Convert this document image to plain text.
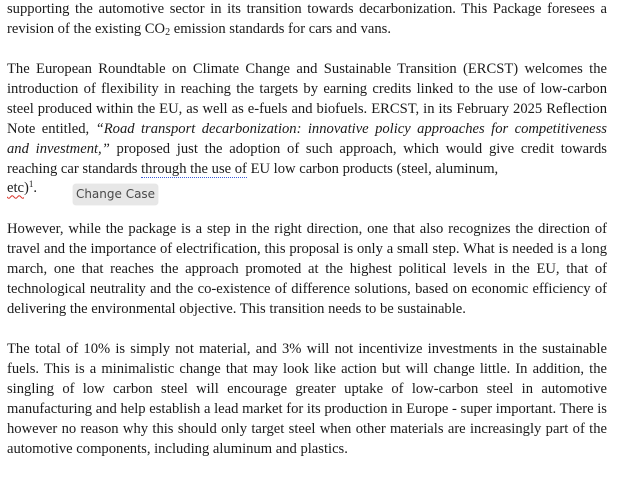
supporting the automotive sector in its transition towards decarbonization. This Package foresees a revision of the existing $CO_2$ emission standards for cars and vans.

The European Roundtable on Climate Change and Sustainable Transition (ERCST) welcomes the introduction of flexibility in reaching the targets by earning credits linked to the use of low-carbon steel produced within the EU, as well as e-fuels and biofuels. ERCST, in its February 2025 Reflection Note entitled, “Road transport decarbonization: innovative policy approaches for competitiveness and investment,” proposed just the adoption of such approach, which would give credit towards reaching car standards through the use of EU low carbon products (steel, aluminum,
etc)$^1$.

However, while the package is a step in the right direction, one that also recognizes the direction of travel and the importance of electrification, this proposal is only a small step. What is needed is a long march, one that reaches the approach promoted at the highest political levels in the EU, that of technological neutrality and the co-existence of difference solutions, based on economic efficiency of delivering the environmental objective. This transition needs to be sustainable.

The total of 10% is simply not material, and 3% will not incentivize investments in the sustainable fuels. This is a minimalistic change that may look like action but will change little. In addition, the singling of low carbon steel will encourage greater uptake of low-carbon steel in automotive manufacturing and help establish a lead market for its production in Europe - super important. There is however no reason why this should only target steel when other materials are increasingly part of the automotive components, including aluminum and plastics.

Change Case
